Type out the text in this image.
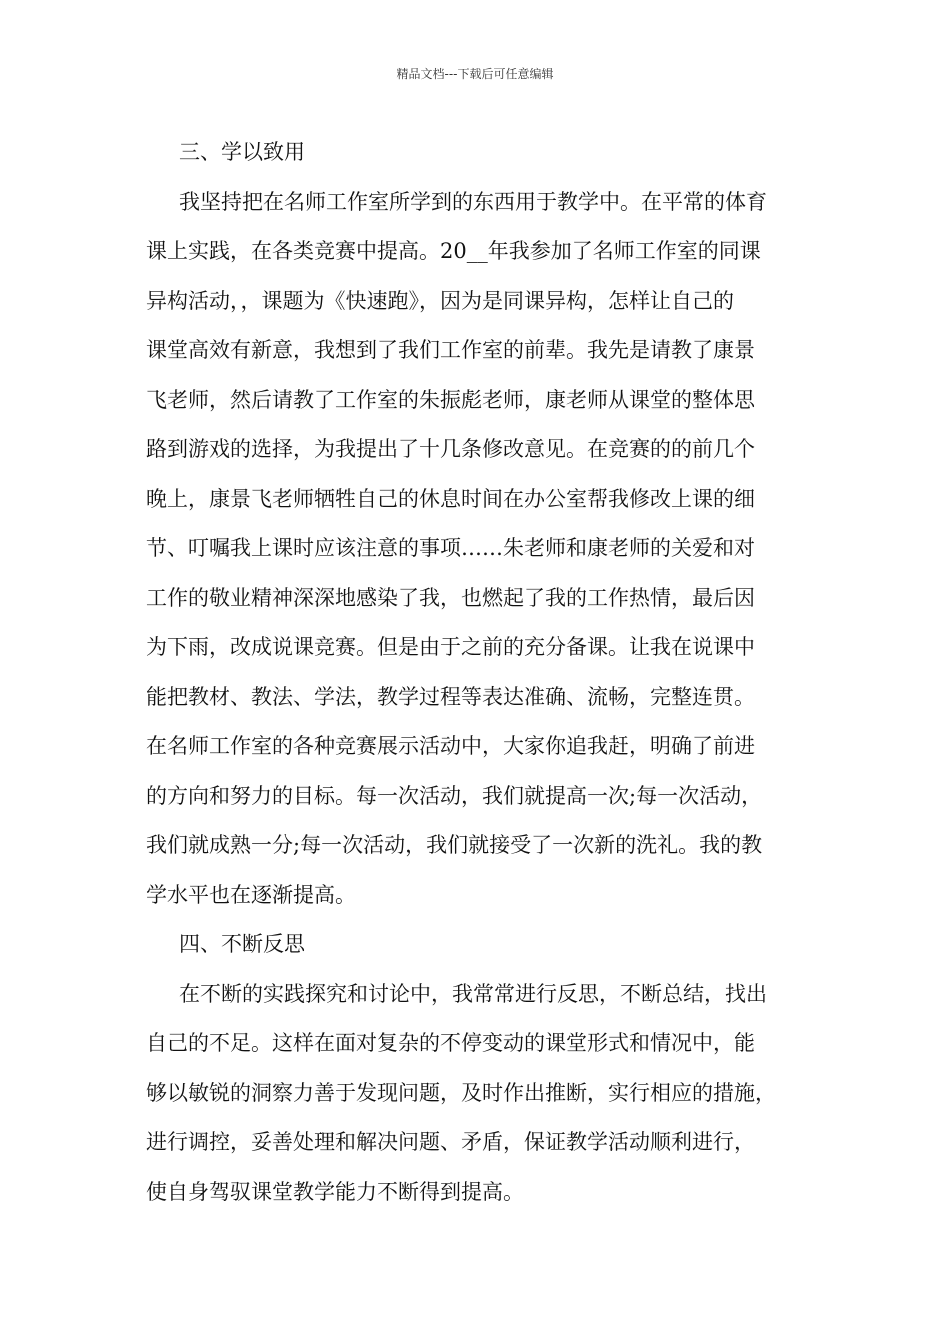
精品文档---下载后可任意编辑
三、学以致用
我坚持把在名师工作室所学到的东西用于教学中。在平常的体育
课上实践，在各类竞赛中提高。20__年我参加了名师工作室的同课
异构活动，，课题为《快速跑》，因为是同课异构，怎样让自己的
课堂高效有新意，我想到了我们工作室的前辈。我先是请教了康景
飞老师，然后请教了工作室的朱振彪老师，康老师从课堂的整体思
路到游戏的选择，为我提出了十几条修改意见。在竞赛的的前几个
晚上，康景飞老师牺牲自己的休息时间在办公室帮我修改上课的细
节、叮嘱我上课时应该注意的事项……朱老师和康老师的关爱和对
工作的敬业精神深深地感染了我，也燃起了我的工作热情，最后因
为下雨，改成说课竞赛。但是由于之前的充分备课。让我在说课中
能把教材、教法、学法，教学过程等表达准确、流畅，完整连贯。
在名师工作室的各种竞赛展示活动中，大家你追我赶，明确了前进
的方向和努力的目标。每一次活动，我们就提高一次;每一次活动，
我们就成熟一分;每一次活动，我们就接受了一次新的洗礼。我的教
学水平也在逐渐提高。
四、不断反思
在不断的实践探究和讨论中，我常常进行反思，不断总结，找出
自己的不足。这样在面对复杂的不停变动的课堂形式和情况中，能
够以敏锐的洞察力善于发现问题，及时作出推断，实行相应的措施，
进行调控，妥善处理和解决问题、矛盾，保证教学活动顺利进行，
使自身驾驭课堂教学能力不断得到提高。
